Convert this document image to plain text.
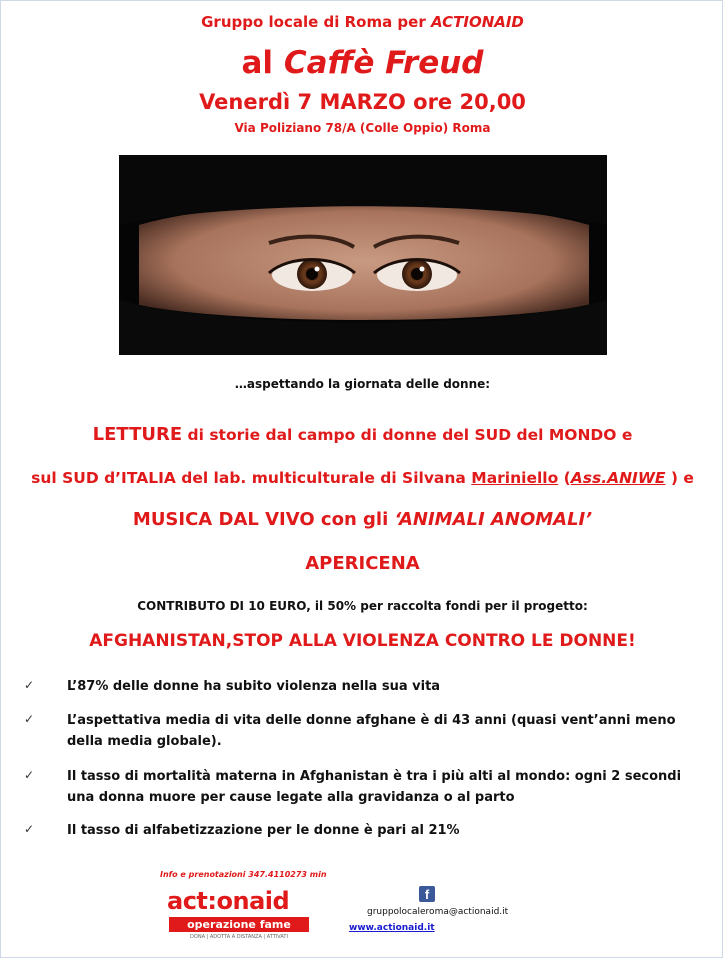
Gruppo locale di Roma per ACTIONAID
al Caffè Freud
Venerdì 7 MARZO ore 20,00
Via Poliziano 78/A (Colle Oppio) Roma
…aspettando la giornata delle donne:
LETTURE di storie dal campo di donne del SUD del MONDO e
sul SUD d’ITALIA del lab. multiculturale di Silvana Mariniello (Ass.ANIWE ) e
MUSICA DAL VIVO con gli ‘ANIMALI ANOMALI’
APERICENA
CONTRIBUTO DI 10 EURO, il 50% per raccolta fondi per il progetto:
AFGHANISTAN,STOP ALLA VIOLENZA CONTRO LE DONNE!
✓	L’87% delle donne ha subito violenza nella sua vita
✓	L’aspettativa media di vita delle donne afghane è di 43 anni (quasi vent’anni meno della media globale).
✓	Il tasso di mortalità materna in Afghanistan è tra i più alti al mondo: ogni 2 secondi una donna muore per cause legate alla gravidanza o al parto
✓	Il tasso di alfabetizzazione per le donne è pari al 21%
Info e prenotazioni 347.4110273 min
act:onaid
operazione fame
DONA | ADOTTA A DISTANZA | ATTIVATI
f
gruppolocaleroma@actionaid.it
www.actionaid.it
